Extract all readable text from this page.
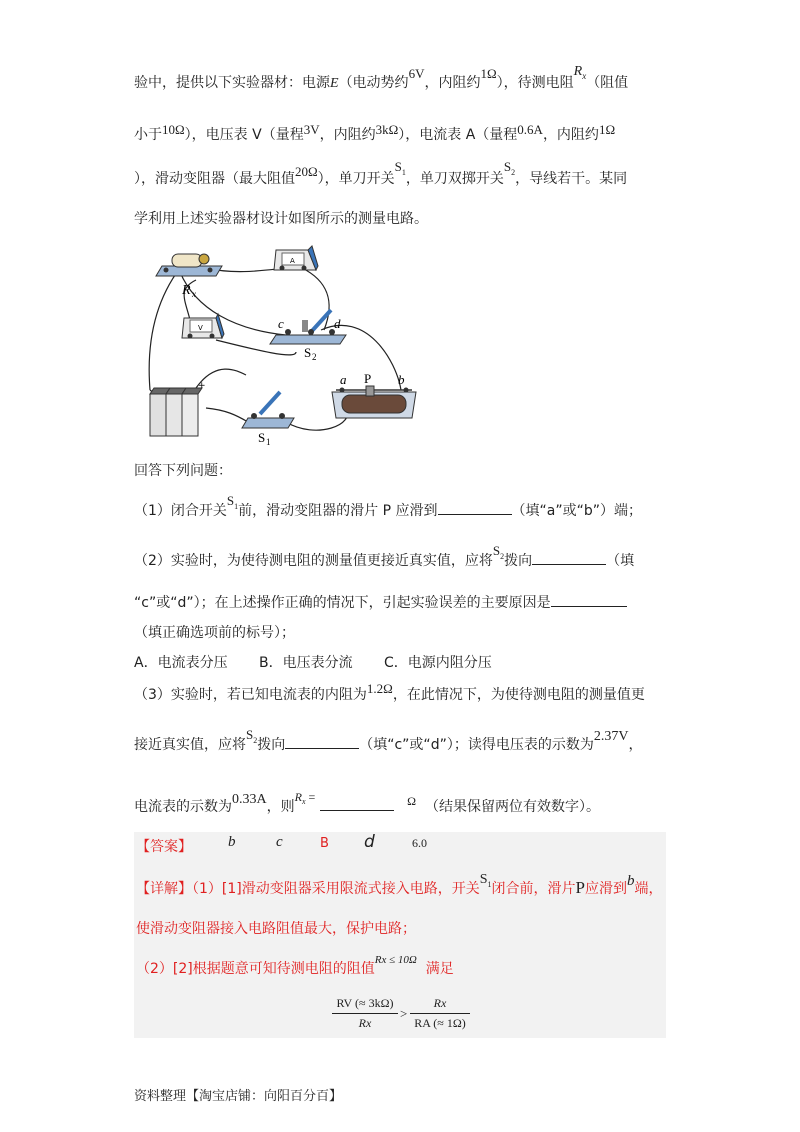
验中，提供以下实验器材：电源E（电动势约6V，内阻约1Ω），待测电阻$R^x$（阻值
小于10Ω），电压表 V（量程3V，内阻约3kΩ），电流表 A（量程0.6A，内阻约1Ω
），滑动变阻器（最大阻值20Ω），单刀开关$S^1$，单刀双掷开关$S^2$，导线若干。某同
学利用上述实验器材设计如图所示的测量电路。
R x
A
V	c	d
S 2
+
S 1
a P b
回答下列问题：
（1）闭合开关$S^1$前，滑动变阻器的滑片 P 应滑到	（填“a”或“b”）端；
（2）实验时，为使待测电阻的测量值更接近真实值，应将$S^2$拨向	（填
“c”或“d”）；在上述操作正确的情况下，引起实验误差的主要原因是
（填正确选项前的标号）；
A．电流表分压 B．电压表分流 C．电源内阻分压
（3）实验时，若已知电流表的内阻为1.2Ω，在此情况下，为使待测电阻的测量值更
接近真实值，应将$S^2$拨向	（填“c”或“d”）；读得电压表的示数为2.37V，
电流表的示数为0.33A，则$R^x$ =	Ω （结果保留两位有效数字）。
【答案】 b	c	B d	6.0
【详解】（1）[1]滑动变阻器采用限流式接入电路，开关$S^1$闭合前，滑片P应滑到b端，
使滑动变阻器接入电路阻值最大，保护电路；
（2）[2]根据题意可知待测电阻的阻值$^{Rx \le 10\Omega}$  满足
RV (≈ 3kΩ)
Rx
>
Rx
RA (≈ 1Ω)
资料整理【淘宝店铺：向阳百分百】
